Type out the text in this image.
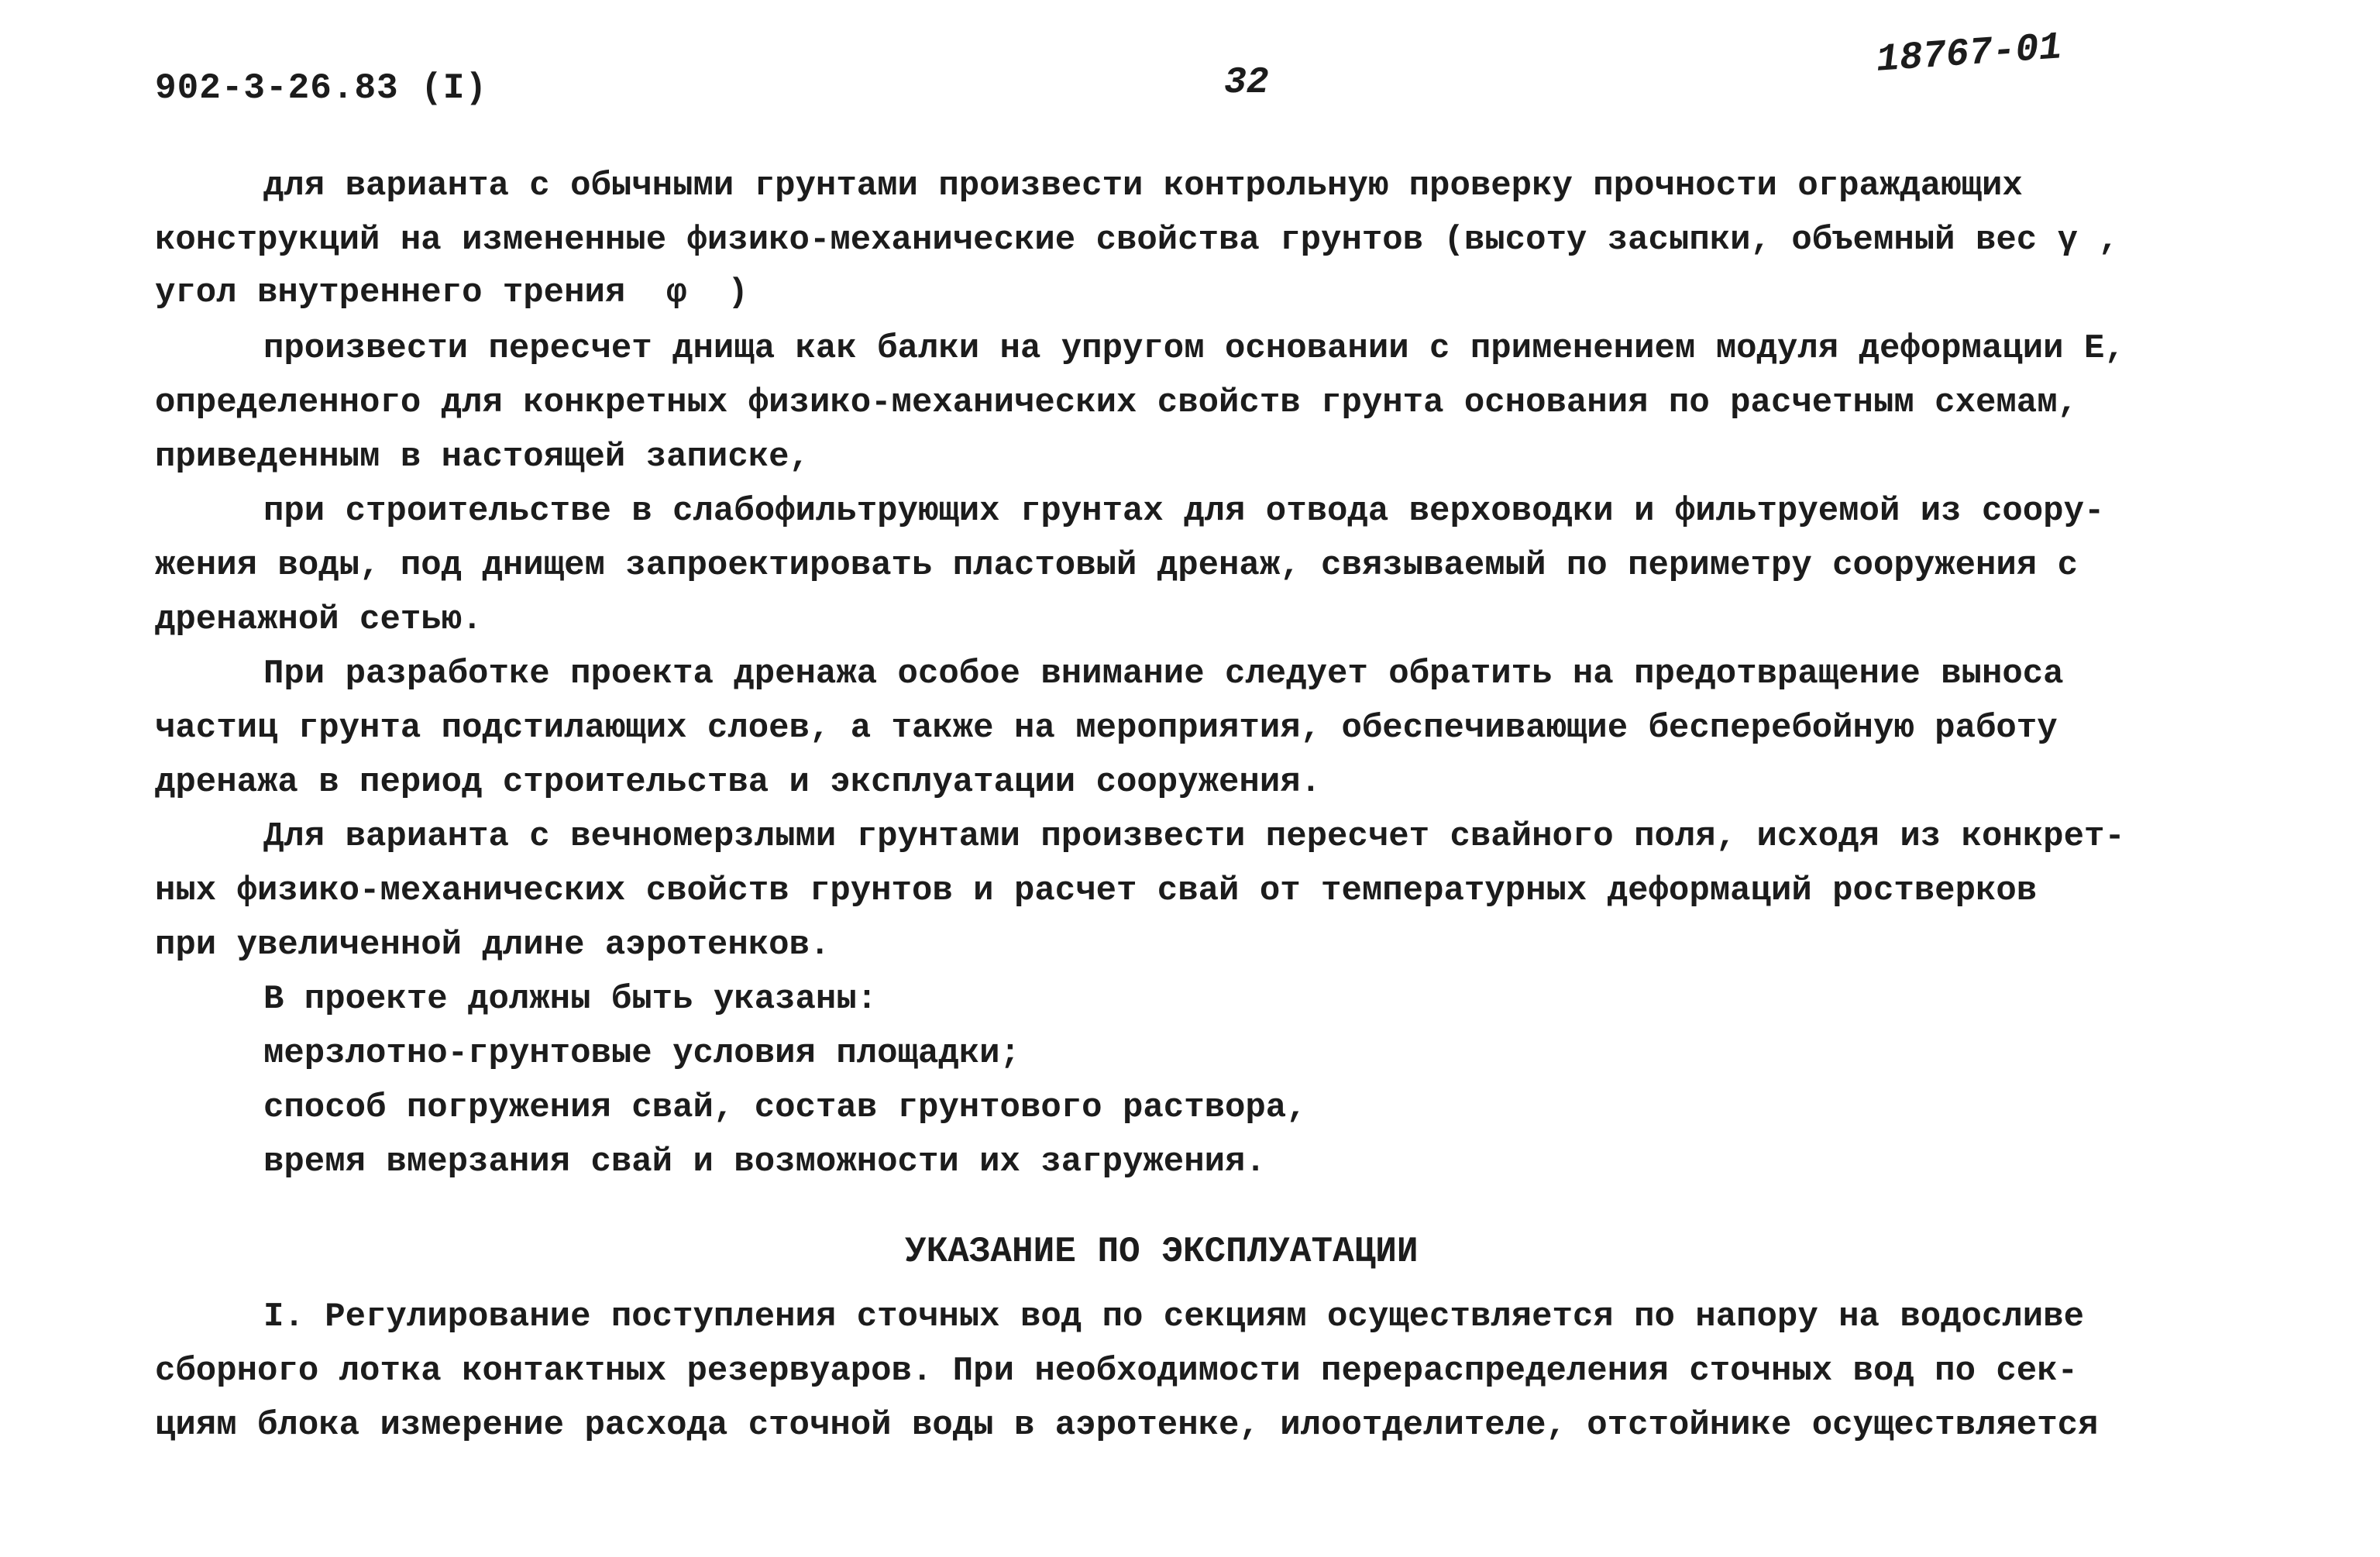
902-3-26.83 (I)	32
18767-01
для варианта с обычными грунтами произвести контрольную проверку прочности ограждающих
конструкций на измененные физико-механические свойства грунтов (высоту засыпки, объемный вес γ ,
угол внутреннего трения  φ  )
произвести пересчет днища как балки на упругом основании с применением модуля деформации Е,
определенного для конкретных физико-механических свойств грунта основания по расчетным схемам,
приведенным в настоящей записке,
при строительстве в слабофильтрующих грунтах для отвода верховодки и фильтруемой из соору-
жения воды, под днищем запроектировать пластовый дренаж, связываемый по периметру сооружения с
дренажной сетью.
При разработке проекта дренажа особое внимание следует обратить на предотвращение выноса
частиц грунта подстилающих слоев, а также на мероприятия, обеспечивающие бесперебойную работу
дренажа в период строительства и эксплуатации сооружения.
Для варианта с вечномерзлыми грунтами произвести пересчет свайного поля, исходя из конкрет-
ных физико-механических свойств грунтов и расчет свай от температурных деформаций ростверков
при увеличенной длине аэротенков.
В проекте должны быть указаны:
мерзлотно-грунтовые условия площадки;
способ погружения свай, состав грунтового раствора,
время вмерзания свай и возможности их загружения.
УКАЗАНИЕ ПО ЭКСПЛУАТАЦИИ
I. Регулирование поступления сточных вод по секциям осуществляется по напору на водосливе
сборного лотка контактных резервуаров. При необходимости перераспределения сточных вод по сек-
циям блока измерение расхода сточной воды в аэротенке, илоотделителе, отстойнике осуществляется
